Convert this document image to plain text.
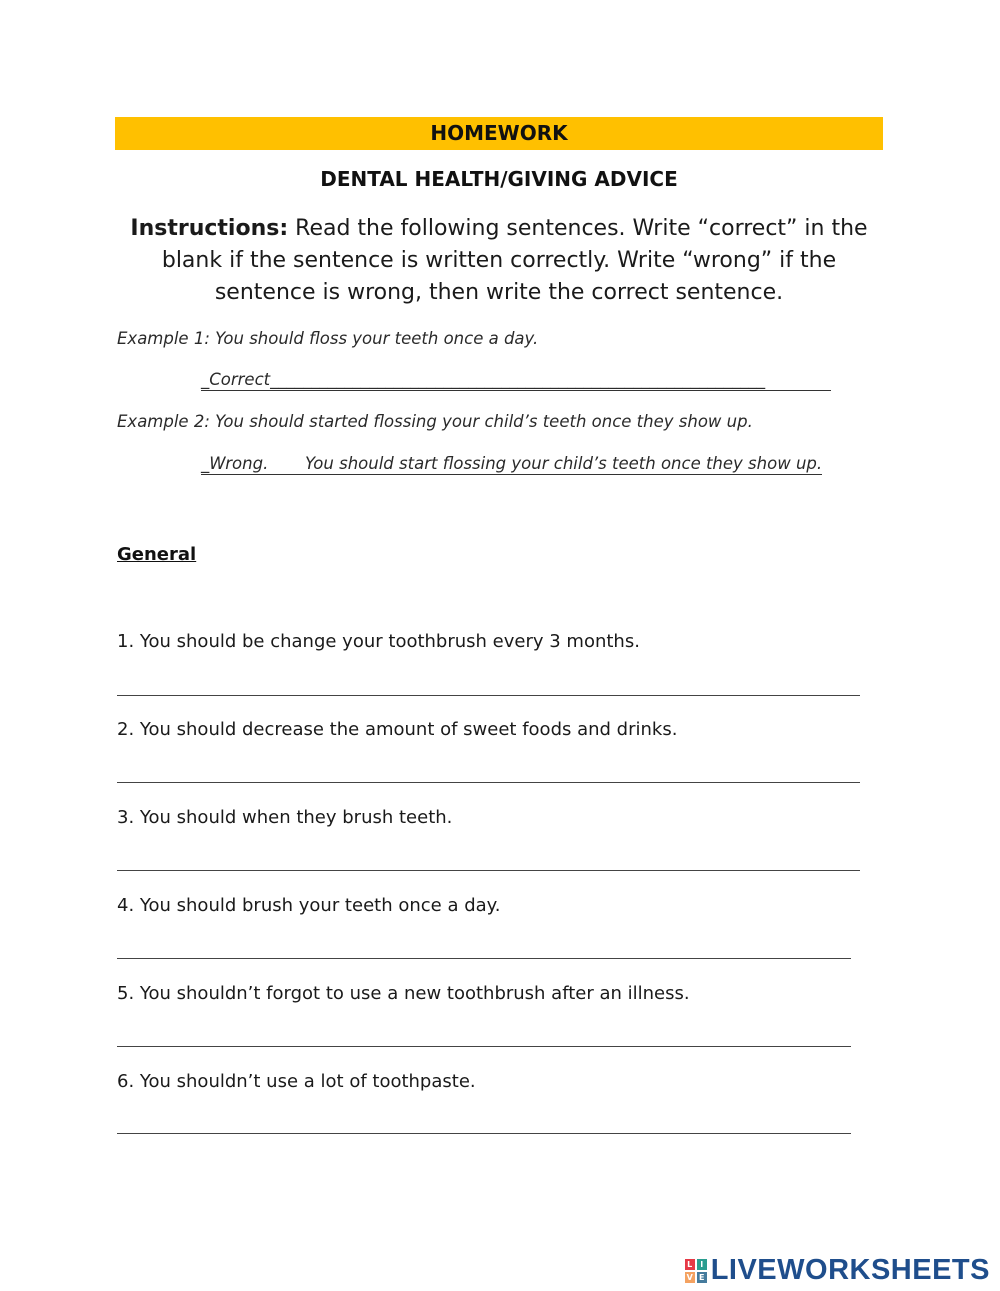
HOMEWORK
DENTAL HEALTH/GIVING ADVICE
Instructions: Read the following sentences. Write “correct” in the blank if the sentence is written correctly. Write “wrong” if the sentence is wrong, then write the correct sentence.
Example 1: You should floss your teeth once a day.
_Correct____________________________________________________________
Example 2: You should started flossing your child’s teeth once they show up.
_Wrong.       You should start flossing your child’s teeth once they show up.
General
1. You should be change your toothbrush every 3 months.
2. You should decrease the amount of sweet foods and drinks.
3. You should when they brush teeth.
4. You should brush your teeth once a day.
5. You shouldn’t forgot to use a new toothbrush after an illness.
6. You shouldn’t use a lot of toothpaste.
L I
V E LIVEWORKSHEETS
